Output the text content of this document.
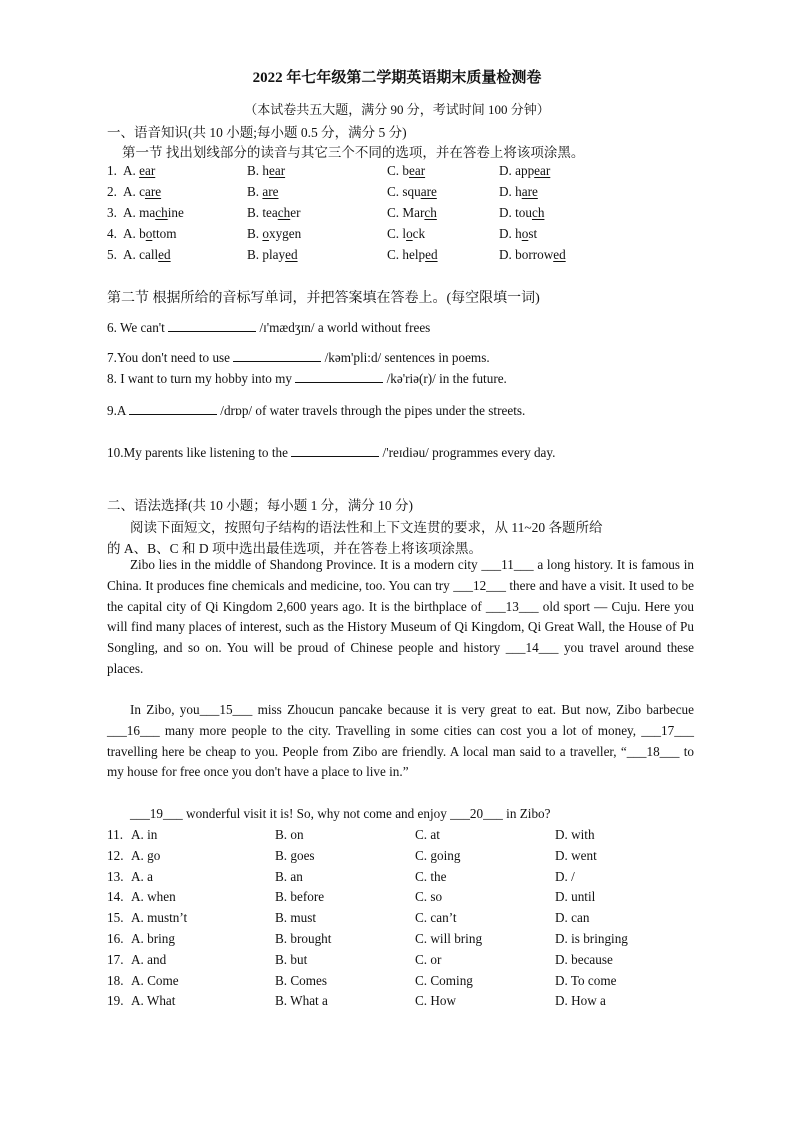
2022 年七年级第二学期英语期末质量检测卷
（本试卷共五大题，满分 90 分，考试时间 100 分钟）
一、语音知识(共 10 小题;每小题 0.5 分，满分 5 分)
第一节 找出划线部分的读音与其它三个不同的选项，并在答卷上将该项涂黑。
1. A. ear	B. hear	C. bear	D. appear
2. A. care	B. are	C. square	D. hare
3. A. machine	B. teacher	C. March	D. touch
4. A. bottom	B. oxygen	C. lock	D. host
5. A. called	B. played	C. helped	D. borrowed
第二节 根据所给的音标写单词，并把答案填在答卷上。(每空限填一词)
6. We can't	/ɪ'mædʒɪn/ a world without frees
7.You don't need to use	/kəm'pli:d/ sentences in poems.
8. I want to turn my hobby into my	/kə'riə(r)/ in the future.
9.A	/drɒp/ of water travels through the pipes under the streets.
10.My parents like listening to the	/'reɪdiəu/ programmes every day.
二、语法选择(共 10 小题；每小题 1 分，满分 10 分)
阅读下面短文，按照句子结构的语法性和上下文连贯的要求，从 11~20 各题所给
的 A、B、C 和 D 项中选出最佳选项，并在答卷上将该项涂黑。
Zibo lies in the middle of Shandong Province. It is a modern city ___11___ a long history. It is famous in China. It produces fine chemicals and medicine, too. You can try ___12___ there and have a visit. It used to be the capital city of Qi Kingdom 2,600 years ago. It is the birthplace of ___13___ old sport — Cuju. Here you will find many places of interest, such as the History Museum of Qi Kingdom, Qi Great Wall, the House of Pu Songling, and so on. You will be proud of Chinese people and history ___14___ you travel around these places.
In Zibo, you___15___ miss Zhoucun pancake because it is very great to eat. But now, Zibo barbecue ___16___ many more people to the city. Travelling in some cities can cost you a lot of money, ___17___ travelling here be cheap to you. People from Zibo are friendly. A local man said to a traveller, “___18___ to my house for free once you don't have a place to live in.”
___19___ wonderful visit it is! So, why not come and enjoy ___20___ in Zibo?
11. A. in	B. on	C. at	D. with
12. A. go	B. goes	C. going	D. went
13. A. a	B. an	C. the	D. /
14. A. when	B. before	C. so	D. until
15. A. mustn’t	B. must	C. can’t	D. can
16. A. bring	B. brought	C. will bring	D. is bringing
17. A. and	B. but	C. or	D. because
18. A. Come	B. Comes	C. Coming	D. To come
19. A. What	B. What a	C. How	D. How a
